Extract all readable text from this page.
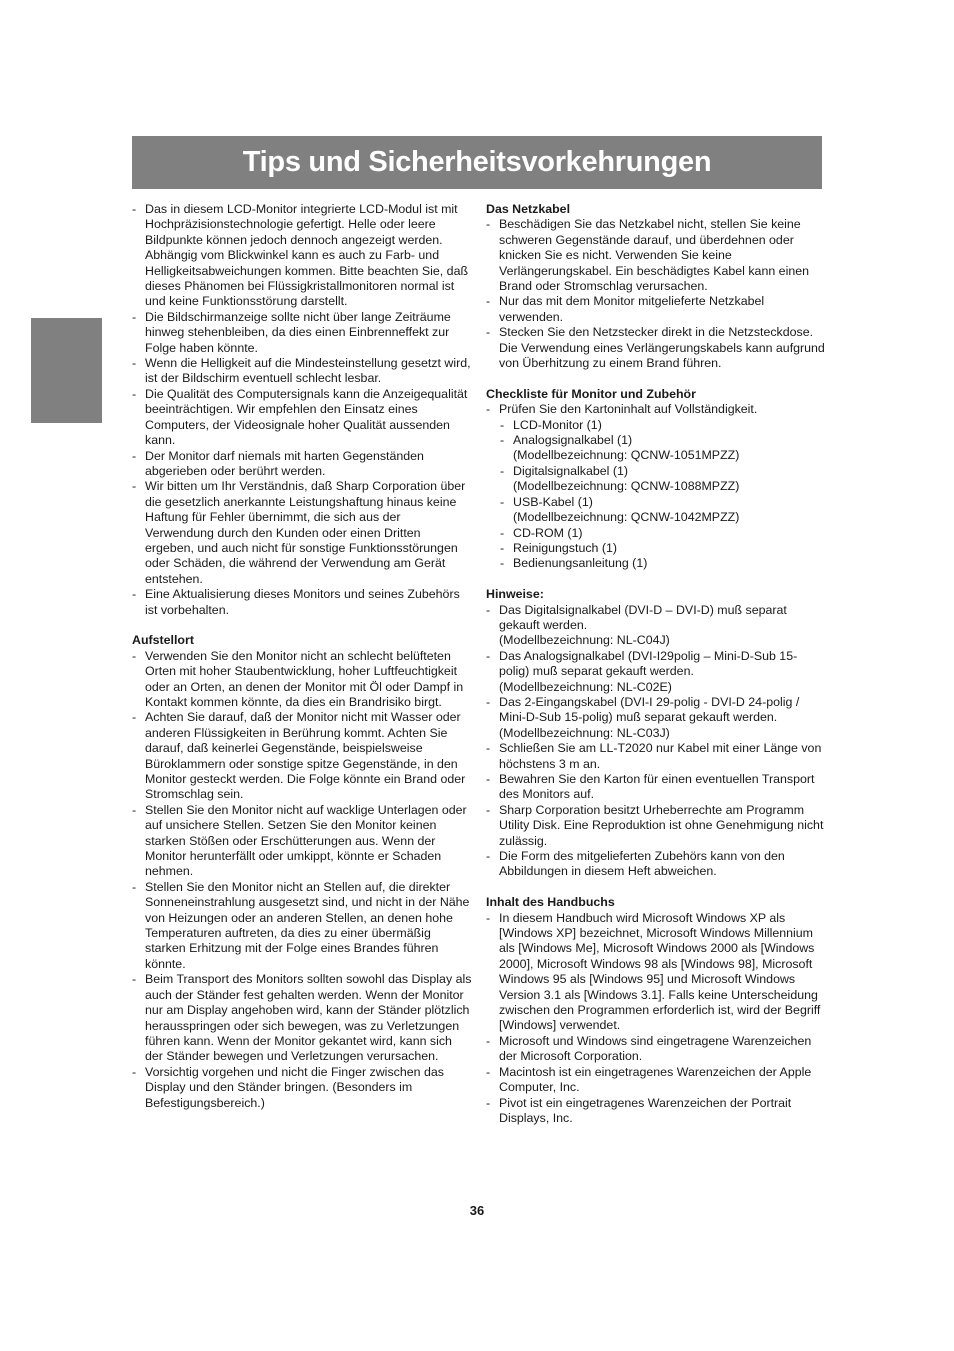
Tips und Sicherheitsvorkehrungen
- Das in diesem LCD-Monitor integrierte LCD-Modul ist mit Hochpräzisionstechnologie gefertigt. Helle oder leere Bildpunkte können jedoch dennoch angezeigt werden. Abhängig vom Blickwinkel kann es auch zu Farb- und Helligkeitsabweichungen kommen. Bitte beachten Sie, daß dieses Phänomen bei Flüssigkristallmonitoren normal ist und keine Funktionsstörung darstellt.
- Die Bildschirmanzeige sollte nicht über lange Zeiträume hinweg stehenbleiben, da dies einen Einbrenneffekt zur Folge haben könnte.
- Wenn die Helligkeit auf die Mindesteinstellung gesetzt wird, ist der Bildschirm eventuell schlecht lesbar.
- Die Qualität des Computersignals kann die Anzeigequalität beeinträchtigen. Wir empfehlen den Einsatz eines Computers, der Videosignale hoher Qualität aussenden kann.
- Der Monitor darf niemals mit harten Gegenständen abgerieben oder berührt werden.
- Wir bitten um Ihr Verständnis, daß Sharp Corporation über die gesetzlich anerkannte Leistungshaftung hinaus keine Haftung für Fehler übernimmt, die sich aus der Verwendung durch den Kunden oder einen Dritten ergeben, und auch nicht für sonstige Funktionsstörungen oder Schäden, die während der Verwendung am Gerät entstehen.
- Eine Aktualisierung dieses Monitors und seines Zubehörs ist vorbehalten.
Aufstellort
- Verwenden Sie den Monitor nicht an schlecht belüfteten Orten mit hoher Staubentwicklung, hoher Luftfeuchtigkeit oder an Orten, an denen der Monitor mit Öl oder Dampf in Kontakt kommen könnte, da dies ein Brandrisiko birgt.
- Achten Sie darauf, daß der Monitor nicht mit Wasser oder anderen Flüssigkeiten in Berührung kommt. Achten Sie darauf, daß keinerlei Gegenstände, beispielsweise Büroklammern oder sonstige spitze Gegenstände, in den Monitor gesteckt werden. Die Folge könnte ein Brand oder Stromschlag sein.
- Stellen Sie den Monitor nicht auf wacklige Unterlagen oder auf unsichere Stellen. Setzen Sie den Monitor keinen starken Stößen oder Erschütterungen aus. Wenn der Monitor herunterfällt oder umkippt, könnte er Schaden nehmen.
- Stellen Sie den Monitor nicht an Stellen auf, die direkter Sonneneinstrahlung ausgesetzt sind, und nicht in der Nähe von Heizungen oder an anderen Stellen, an denen hohe Temperaturen auftreten, da dies zu einer übermäßig starken Erhitzung mit der Folge eines Brandes führen könnte.
- Beim Transport des Monitors sollten sowohl das Display als auch der Ständer fest gehalten werden. Wenn der Monitor nur am Display angehoben wird, kann der Ständer plötzlich herausspringen oder sich bewegen, was zu Verletzungen führen kann. Wenn der Monitor gekantet wird, kann sich der Ständer bewegen und Verletzungen verursachen.
- Vorsichtig vorgehen und nicht die Finger zwischen das Display und den Ständer bringen. (Besonders im Befestigungsbereich.)
Das Netzkabel
- Beschädigen Sie das Netzkabel nicht, stellen Sie keine schweren Gegenstände darauf, und überdehnen oder knicken Sie es nicht. Verwenden Sie keine Verlängerungskabel. Ein beschädigtes Kabel kann einen Brand oder Stromschlag verursachen.
- Nur das mit dem Monitor mitgelieferte Netzkabel verwenden.
- Stecken Sie den Netzstecker direkt in die Netzsteckdose. Die Verwendung eines Verlängerungskabels kann aufgrund von Überhitzung zu einem Brand führen.
Checkliste für Monitor und Zubehör
- Prüfen Sie den Kartoninhalt auf Vollständigkeit.
- LCD-Monitor (1)
- Analogsignalkabel (1)
(Modellbezeichnung: QCNW-1051MPZZ)
- Digitalsignalkabel (1)
(Modellbezeichnung: QCNW-1088MPZZ)
- USB-Kabel (1)
(Modellbezeichnung: QCNW-1042MPZZ)
- CD-ROM (1)
- Reinigungstuch (1)
- Bedienungsanleitung (1)
Hinweise:
- Das Digitalsignalkabel (DVI-D – DVI-D) muß separat gekauft werden.
(Modellbezeichnung: NL-C04J)
- Das Analogsignalkabel (DVI-I29polig – Mini-D-Sub 15-polig) muß separat gekauft werden.
(Modellbezeichnung: NL-C02E)
- Das 2-Eingangskabel (DVI-I 29-polig - DVI-D 24-polig / Mini-D-Sub 15-polig) muß separat gekauft werden.
(Modellbezeichnung: NL-C03J)
- Schließen Sie am LL-T2020 nur Kabel mit einer Länge von höchstens 3 m an.
- Bewahren Sie den Karton für einen eventuellen Transport des Monitors auf.
- Sharp Corporation besitzt Urheberrechte am Programm Utility Disk. Eine Reproduktion ist ohne Genehmigung nicht zulässig.
- Die Form des mitgelieferten Zubehörs kann von den Abbildungen in diesem Heft abweichen.
Inhalt des Handbuchs
- In diesem Handbuch wird Microsoft Windows XP als [Windows XP] bezeichnet, Microsoft Windows Millennium als [Windows Me], Microsoft Windows 2000 als [Windows 2000], Microsoft Windows 98 als [Windows 98], Microsoft Windows 95 als [Windows 95] und Microsoft Windows Version 3.1 als [Windows 3.1]. Falls keine Unterscheidung zwischen den Programmen erforderlich ist, wird der Begriff [Windows] verwendet.
- Microsoft und Windows sind eingetragene Warenzeichen der Microsoft Corporation.
- Macintosh ist ein eingetragenes Warenzeichen der Apple Computer, Inc.
- Pivot ist ein eingetragenes Warenzeichen der Portrait Displays, Inc.
36
